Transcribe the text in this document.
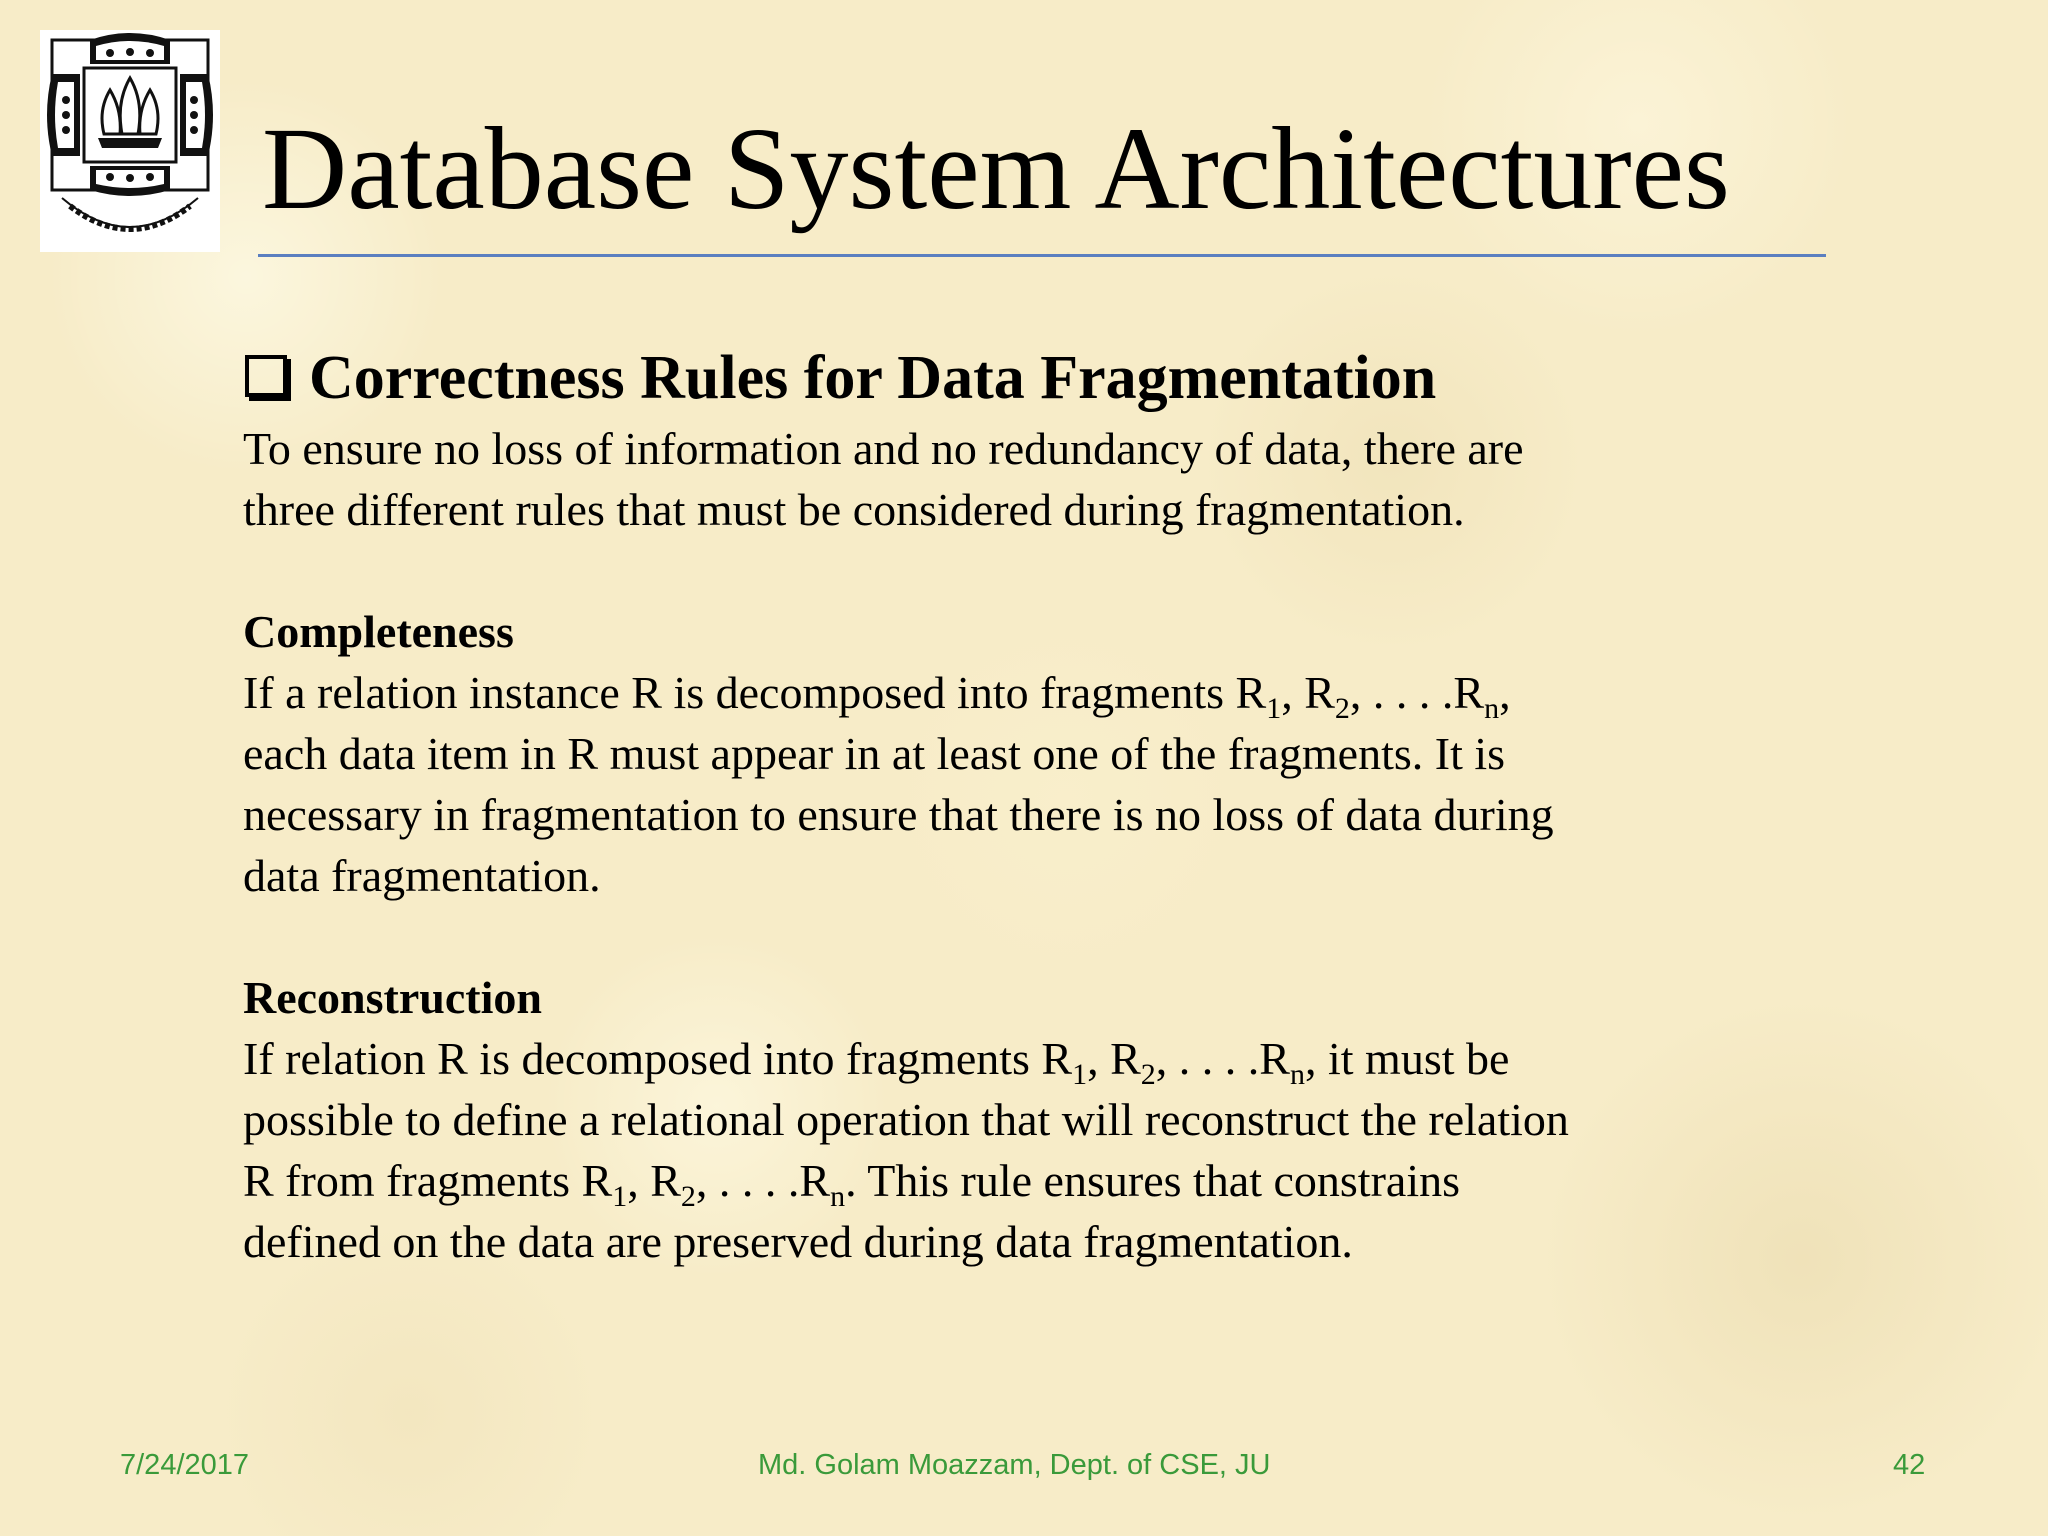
Database System Architectures
Correctness Rules for Data Fragmentation

To ensure no loss of information and no redundancy of data, there are

three different rules that must be considered during fragmentation.

Completeness

If a relation instance R is decomposed into fragments $R_1$, $R_2$, . . . $.R_n$,

each data item in R must appear in at least one of the fragments. It is

necessary in fragmentation to ensure that there is no loss of data during

data fragmentation.

Reconstruction

If relation R is decomposed into fragments $R_1$, $R_2$, . . . $.R_n$, it must be

possible to define a relational operation that will reconstruct the relation

R from fragments $R_1$, $R_2$, . . . $.R_n$. This rule ensures that constrains

defined on the data are preserved during data fragmentation.

7/24/2017	Md. Golam Moazzam, Dept. of CSE, JU	42
